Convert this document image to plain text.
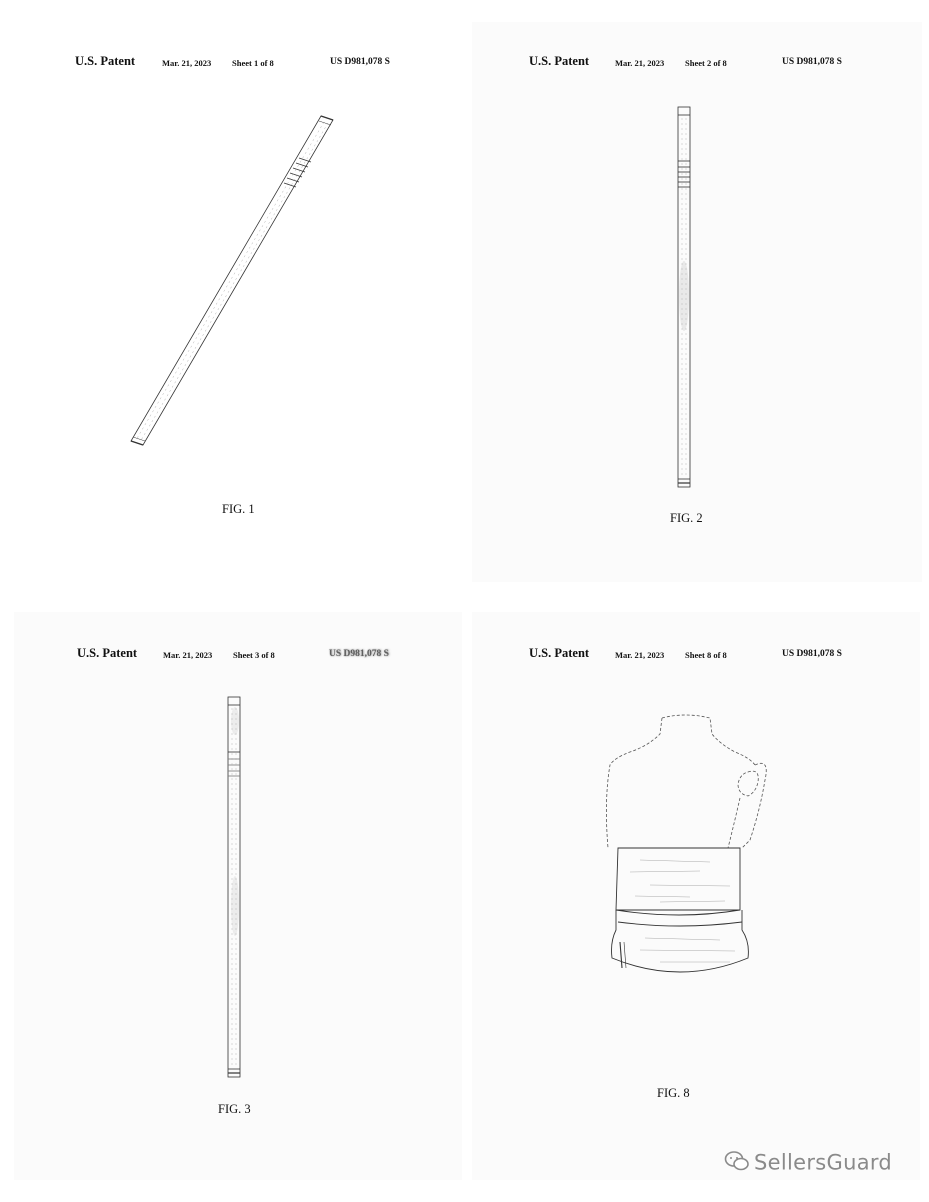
U.S. Patent	Mar. 21, 2023 Sheet 1 of 8	US D981,078 S
FIG. 1
U.S. Patent	Mar. 21, 2023 Sheet 2 of 8	US D981,078 S
FIG. 2
U.S. Patent	Mar. 21, 2023 Sheet 3 of 8	US D981,078 S
FIG. 3
U.S. Patent	Mar. 21, 2023 Sheet 8 of 8	US D981,078 S
FIG. 8
SellersGuard
